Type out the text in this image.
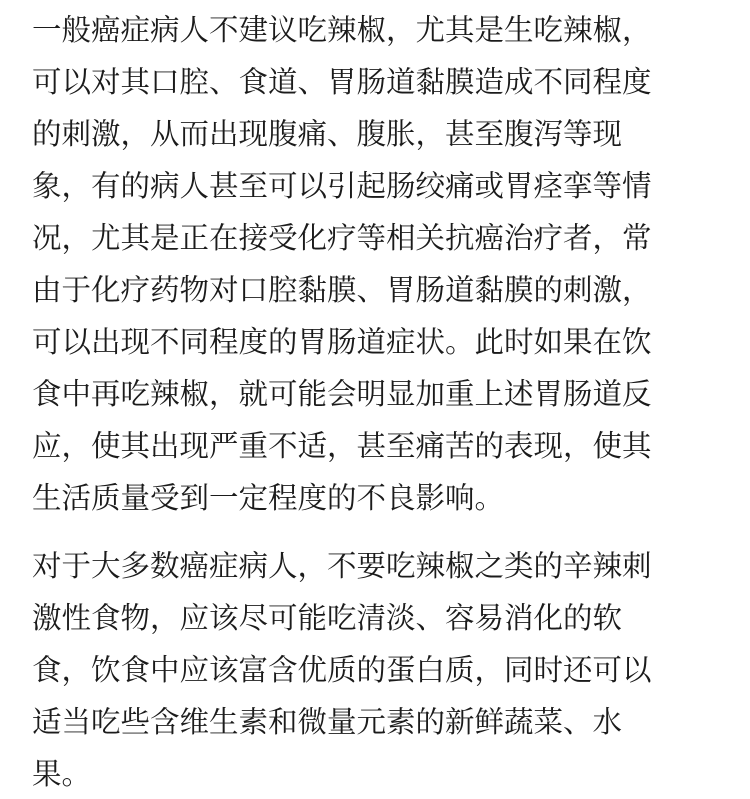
一般癌症病人不建议吃辣椒，尤其是生吃辣椒，
可以对其口腔、食道、胃肠道黏膜造成不同程度
的刺激，从而出现腹痛、腹胀，甚至腹泻等现
象，有的病人甚至可以引起肠绞痛或胃痉挛等情
况，尤其是正在接受化疗等相关抗癌治疗者，常
由于化疗药物对口腔黏膜、胃肠道黏膜的刺激，
可以出现不同程度的胃肠道症状。此时如果在饮
食中再吃辣椒，就可能会明显加重上述胃肠道反
应，使其出现严重不适，甚至痛苦的表现，使其
生活质量受到一定程度的不良影响。

对于大多数癌症病人，不要吃辣椒之类的辛辣刺
激性食物，应该尽可能吃清淡、容易消化的软
食，饮食中应该富含优质的蛋白质，同时还可以
适当吃些含维生素和微量元素的新鲜蔬菜、水
果。
